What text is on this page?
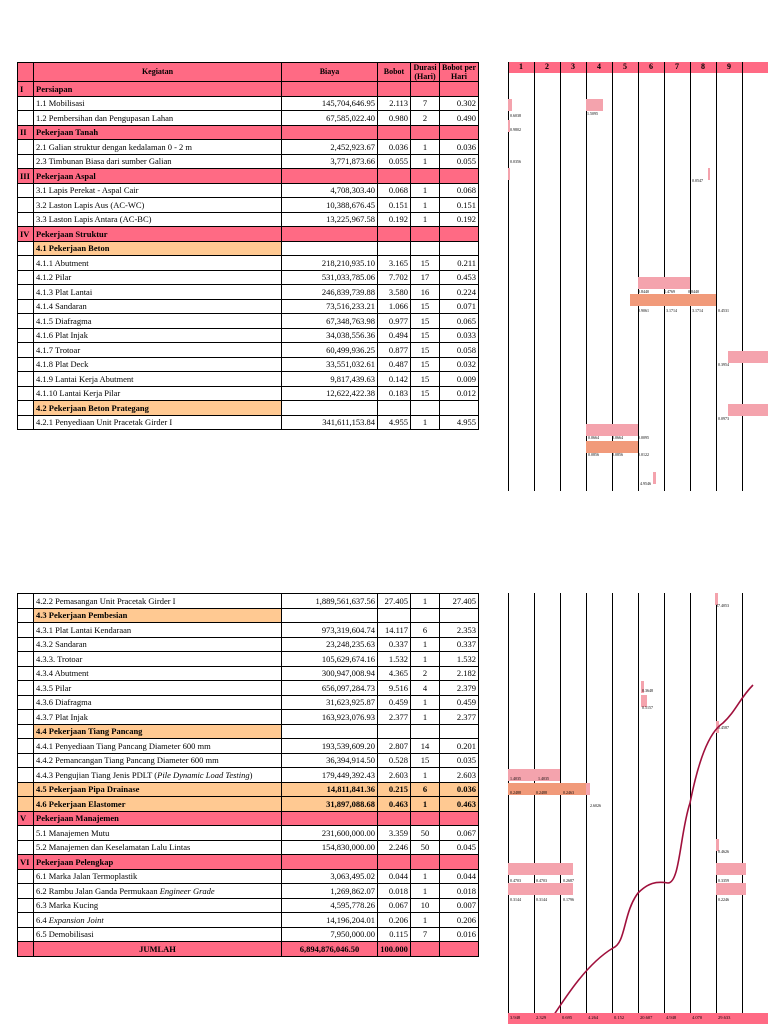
	Kegiatan	Biaya	Bobot	Durasi (Hari)	Bobot per Hari
I	Persiapan				
	1.1 Mobilisasi	145,704,646.95	2.113	7	0.302
	1.2 Pembersihan dan Pengupasan Lahan	67,585,022.40	0.980	2	0.490
II	Pekerjaan Tanah				
	2.1 Galian struktur dengan kedalaman 0 - 2 m	2,452,923.67	0.036	1	0.036
	2.3 Timbunan Biasa dari sumber Galian	3,771,873.66	0.055	1	0.055
III	Pekerjaan Aspal				
	3.1 Lapis Perekat - Aspal Cair	4,708,303.40	0.068	1	0.068
	3.2 Laston Lapis Aus (AC-WC)	10,388,676.45	0.151	1	0.151
	3.3 Laston Lapis Antara (AC-BC)	13,225,967.58	0.192	1	0.192
IV	Pekerjaan Struktur				
	4.1 Pekerjaan Beton				
	4.1.1 Abutment	218,210,935.10	3.165	15	0.211
	4.1.2 Pilar	531,033,785.06	7.702	17	0.453
	4.1.3 Plat Lantai	246,839,739.88	3.580	16	0.224
	4.1.4 Sandaran	73,516,233.21	1.066	15	0.071
	4.1.5 Diafragma	67,348,763.98	0.977	15	0.065
	4.1.6 Plat Injak	34,038,556.36	0.494	15	0.033
	4.1.7 Trotoar	60,499,936.25	0.877	15	0.058
	4.1.8 Plat Deck	33,551,032.61	0.487	15	0.032
	4.1.9 Lantai Kerja Abutment	9,817,439.63	0.142	15	0.009
	4.1.10 Lantai Kerja Pilar	12,622,422.38	0.183	15	0.012
	4.2 Pekerjaan Beton Prategang				
	4.2.1 Penyediaan Unit Pracetak Girder I	341,611,153.84	4.955	1	4.955
1	2	3	4	5	6	7	8	9
0.6038
0.9802
1.5095
0.0356
0.0547
0.8440	1.4769	0.8440
0.9061	3.1714	3.1714	0.4531
0.3954
0.0973
0.0664	0.0664	0.0095
0.0856	0.0856	0.0122
4.9546
	4.2.2 Pemasangan Unit Pracetak Girder I	1,889,561,637.56	27.405	1	27.405
	4.3 Pekerjaan Pembesian				
	4.3.1 Plat Lantai Kendaraan	973,319,604.74	14.117	6	2.353
	4.3.2 Sandaran	23,248,235.63	0.337	1	0.337
	4.3.3. Trotoar	105,629,674.16	1.532	1	1.532
	4.3.4 Abutment	300,947,008.94	4.365	2	2.182
	4.3.5 Pilar	656,097,284.73	9.516	4	2.379
	4.3.6 Diafragma	31,623,925.87	0.459	1	0.459
	4.3.7 Plat Injak	163,923,076.93	2.377	1	2.377
	4.4 Pekerjaan Tiang Pancang				
	4.4.1 Penyediaan Tiang Pancang Diameter 600 mm	193,539,609.20	2.807	14	0.201
	4.4.2 Pemancangan Tiang Pancang Diameter 600 mm	36,394,914.50	0.528	15	0.035
	4.4.3 Pengujian Tiang Jenis PDLT (Pile Dynamic Load Testing)	179,449,392.43	2.603	1	2.603
	4.5 Pekerjaan Pipa Drainase	14,811,841.36	0.215	6	0.036
	4.6 Pekerjaan Elastomer	31,897,088.68	0.463	1	0.463
V	Pekerjaan Manajemen				
	5.1 Manajemen Mutu	231,600,000.00	3.359	50	0.067
	5.2 Manajemen dan Keselamatan Lalu Lintas	154,830,000.00	2.246	50	0.045
VI	Pekerjaan Pelengkap				
	6.1 Marka Jalan Termoplastik	3,063,495.02	0.044	1	0.044
	6.2 Rambu Jalan Ganda Permukaan Engineer Grade	1,269,862.07	0.018	1	0.018
	6.3 Marka Kucing	4,595,778.26	0.067	10	0.007
	6.4 Expansion Joint	14,196,204.01	0.206	1	0.206
	6.5 Demobilisasi	7,950,000.00	0.115	7	0.016
	JUMLAH	6,894,876,046.50	100.000		
27.4053
0.3648
0.5157
0.4587
1.4035	1.4035
0.2488	0.2488	0.2463
2.6026
0.4626
0.4703	0.4703	0.2687	0.3359
0.3144	0.3144	0.1796	0.2246
3.948	2.329	0.695	4.264	0.152	20.607	4.948	4.070	29.633
